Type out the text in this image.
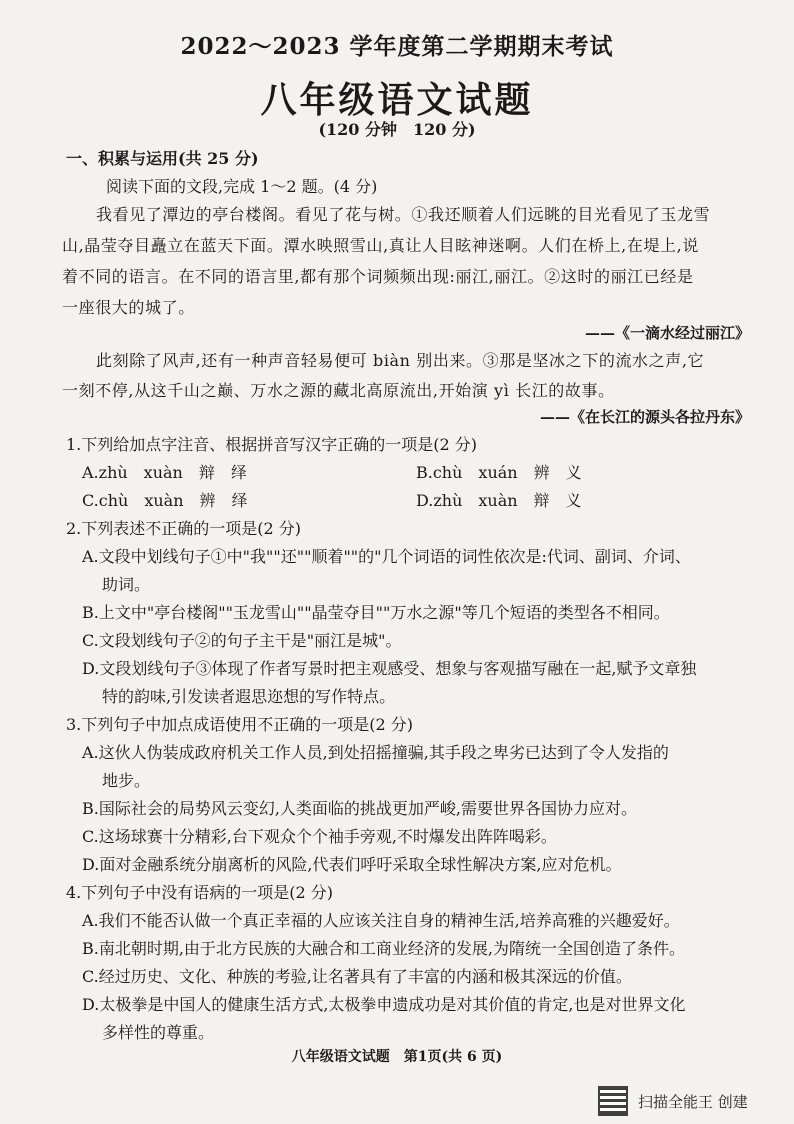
2022～2023 学年度第二学期期末考试
八年级语文试题
(120 分钟　120 分)
一、积累与运用(共 25 分)
阅读下面的文段,完成 1～2 题。(4 分)
我看见了潭边的亭台楼阁。看见了花与树。①我还顺着人们远眺的目光看见了玉龙雪
山,晶莹夺目矗立在蓝天下面。潭水映照雪山,真让人目眩神迷啊。人们在桥上,在堤上,说
着不同的语言。在不同的语言里,都有那个词频频出现:丽江,丽江。②这时的丽江已经是
一座很大的城了。
——《一滴水经过丽江》
此刻除了风声,还有一种声音轻易便可 biàn 别出来。③那是坚冰之下的流水之声,它
一刻不停,从这千山之巅、万水之源的藏北高原流出,开始演 yì 长江的故事。
——《在长江的源头各拉丹东》
1.下列给加点字注音、根据拼音写汉字正确的一项是(2 分)
A.zhù　xuàn　辩　绎	B.chù　xuán　辨　义
C.chù　xuàn　辨　绎	D.zhù　xuàn　辩　义
2.下列表述不正确的一项是(2 分)
A.文段中划线句子①中"我""还""顺着""的"几个词语的词性依次是:代词、副词、介词、
助词。
B.上文中"亭台楼阁""玉龙雪山""晶莹夺目""万水之源"等几个短语的类型各不相同。
C.文段划线句子②的句子主干是"丽江是城"。
D.文段划线句子③体现了作者写景时把主观感受、想象与客观描写融在一起,赋予文章独
特的韵味,引发读者遐思迩想的写作特点。
3.下列句子中加点成语使用不正确的一项是(2 分)
A.这伙人伪装成政府机关工作人员,到处招摇撞骗,其手段之卑劣已达到了令人发指的
地步。
B.国际社会的局势风云变幻,人类面临的挑战更加严峻,需要世界各国协力应对。
C.这场球赛十分精彩,台下观众个个袖手旁观,不时爆发出阵阵喝彩。
D.面对金融系统分崩离析的风险,代表们呼吁采取全球性解决方案,应对危机。
4.下列句子中没有语病的一项是(2 分)
A.我们不能否认做一个真正幸福的人应该关注自身的精神生活,培养高雅的兴趣爱好。
B.南北朝时期,由于北方民族的大融合和工商业经济的发展,为隋统一全国创造了条件。
C.经过历史、文化、种族的考验,让名著具有了丰富的内涵和极其深远的价值。
D.太极拳是中国人的健康生活方式,太极拳申遗成功是对其价值的肯定,也是对世界文化
多样性的尊重。
八年级语文试题　第1页(共 6 页)
扫描全能王 创建
